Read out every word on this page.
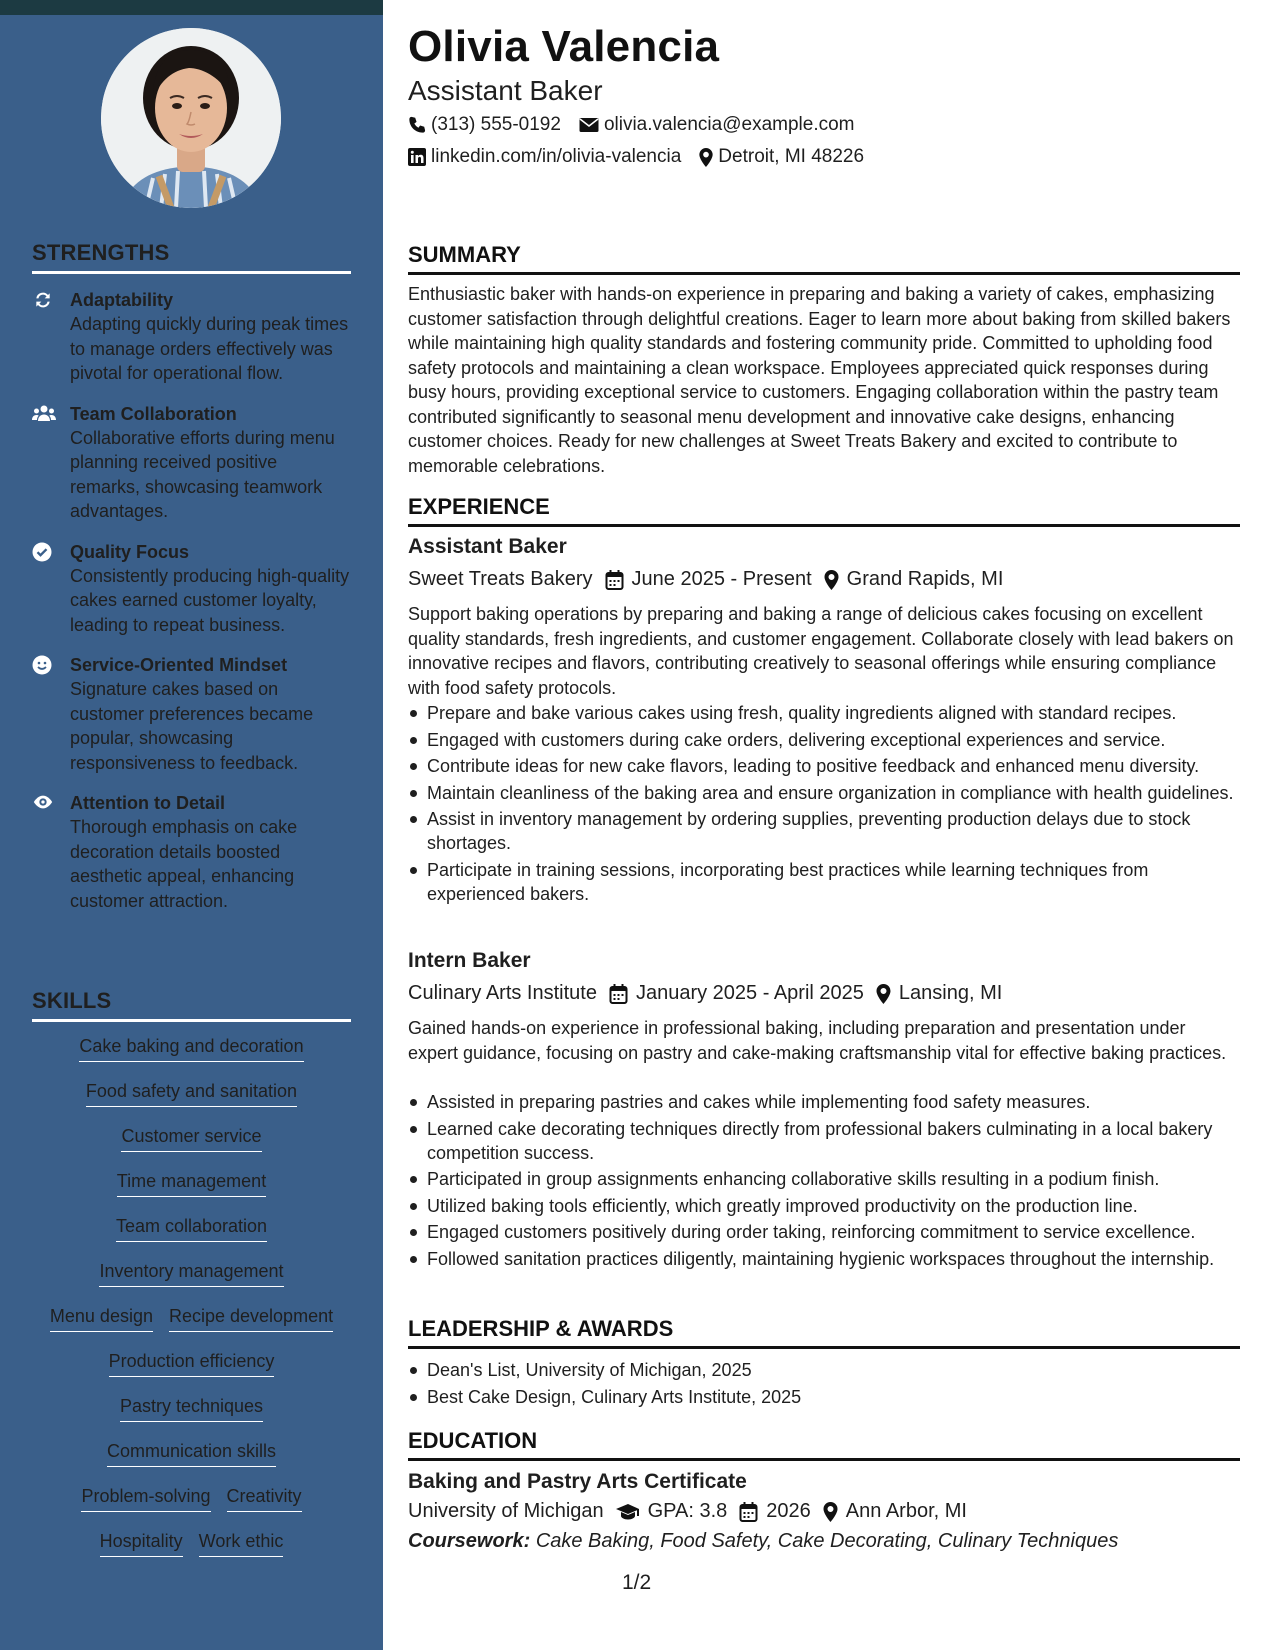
STRENGTHS
Adaptability
Adapting quickly during peak times to manage orders effectively was pivotal for operational flow.
Team Collaboration
Collaborative efforts during menu planning received positive remarks, showcasing teamwork advantages.
Quality Focus
Consistently producing high-quality cakes earned customer loyalty, leading to repeat business.
Service-Oriented Mindset
Signature cakes based on customer preferences became popular, showcasing responsiveness to feedback.
Attention to Detail
Thorough emphasis on cake decoration details boosted aesthetic appeal, enhancing customer attraction.
SKILLS
Cake baking and decoration
Food safety and sanitation
Customer service
Time management
Team collaboration
Inventory management
Menu design Recipe development
Production efficiency
Pastry techniques
Communication skills
Problem-solving Creativity
Hospitality Work ethic
Olivia Valencia
Assistant Baker
(313) 555-0192 olivia.valencia@example.com
linkedin.com/in/olivia-valencia Detroit, MI 48226
SUMMARY
Enthusiastic baker with hands-on experience in preparing and baking a variety of cakes, emphasizing customer satisfaction through delightful creations. Eager to learn more about baking from skilled bakers while maintaining high quality standards and fostering community pride. Committed to upholding food safety protocols and maintaining a clean workspace. Employees appreciated quick responses during busy hours, providing exceptional service to customers. Engaging collaboration within the pastry team contributed significantly to seasonal menu development and innovative cake designs, enhancing customer choices. Ready for new challenges at Sweet Treats Bakery and excited to contribute to memorable celebrations.
EXPERIENCE
Assistant Baker
Sweet Treats Bakery June 2025 - Present Grand Rapids, MI
Support baking operations by preparing and baking a range of delicious cakes focusing on excellent quality standards, fresh ingredients, and customer engagement. Collaborate closely with lead bakers on innovative recipes and flavors, contributing creatively to seasonal offerings while ensuring compliance with food safety protocols.
Prepare and bake various cakes using fresh, quality ingredients aligned with standard recipes.
Engaged with customers during cake orders, delivering exceptional experiences and service.
Contribute ideas for new cake flavors, leading to positive feedback and enhanced menu diversity.
Maintain cleanliness of the baking area and ensure organization in compliance with health guidelines.
Assist in inventory management by ordering supplies, preventing production delays due to stock shortages.
Participate in training sessions, incorporating best practices while learning techniques from experienced bakers.
Intern Baker
Culinary Arts Institute January 2025 - April 2025 Lansing, MI
Gained hands-on experience in professional baking, including preparation and presentation under expert guidance, focusing on pastry and cake-making craftsmanship vital for effective baking practices.
Assisted in preparing pastries and cakes while implementing food safety measures.
Learned cake decorating techniques directly from professional bakers culminating in a local bakery competition success.
Participated in group assignments enhancing collaborative skills resulting in a podium finish.
Utilized baking tools efficiently, which greatly improved productivity on the production line.
Engaged customers positively during order taking, reinforcing commitment to service excellence.
Followed sanitation practices diligently, maintaining hygienic workspaces throughout the internship.
LEADERSHIP & AWARDS
Dean's List, University of Michigan, 2025
Best Cake Design, Culinary Arts Institute, 2025
EDUCATION
Baking and Pastry Arts Certificate
University of Michigan GPA: 3.8 2026 Ann Arbor, MI
Coursework: Cake Baking, Food Safety, Cake Decorating, Culinary Techniques
1/2
